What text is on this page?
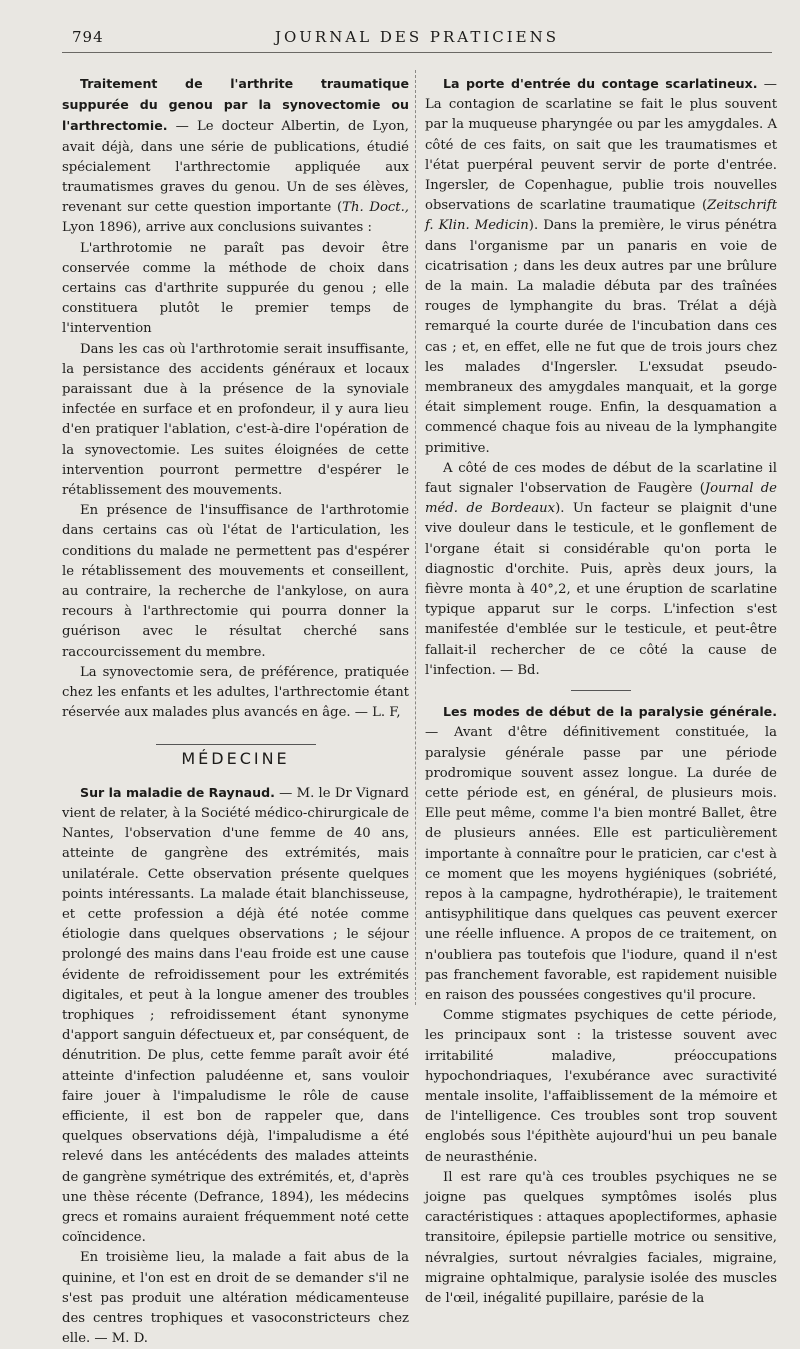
794	JOURNAL DES PRATICIENS

Traitement de l'arthrite traumatique suppurée du genou par la synovectomie ou l'arthrectomie. — Le docteur Albertin, de Lyon, avait déjà, dans une série de publications, étudié spécialement l'arthrectomie appliquée aux traumatismes graves du genou. Un de ses élèves, revenant sur cette question importante (Th. Doct., Lyon 1896), arrive aux conclusions suivantes :

L'arthrotomie ne paraît pas devoir être conservée comme la méthode de choix dans certains cas d'arthrite suppurée du genou ; elle constituera plutôt le premier temps de l'intervention

Dans les cas où l'arthrotomie serait insuffisante, la persistance des accidents généraux et locaux paraissant due à la présence de la synoviale infectée en surface et en profondeur, il y aura lieu d'en pratiquer l'ablation, c'est-à-dire l'opération de la synovectomie. Les suites éloignées de cette intervention pourront permettre d'espérer le rétablissement des mouvements.

En présence de l'insuffisance de l'arthrotomie dans certains cas où l'état de l'articulation, les conditions du malade ne permettent pas d'espérer le rétablissement des mouvements et conseillent, au contraire, la recherche de l'ankylose, on aura recours à l'arthrectomie qui pourra donner la guérison avec le résultat cherché sans raccourcissement du membre.

La synovectomie sera, de préférence, pratiquée chez les enfants et les adultes, l'arthrectomie étant réservée aux malades plus avancés en âge. — L. F,

MÉDECINE

Sur la maladie de Raynaud. — M. le Dr Vignard vient de relater, à la Société médico-chirurgicale de Nantes, l'observation d'une femme de 40 ans, atteinte de gangrène des extrémités, mais unilatérale. Cette observation présente quelques points intéressants. La malade était blanchisseuse, et cette profession a déjà été notée comme étiologie dans quelques observations ; le séjour prolongé des mains dans l'eau froide est une cause évidente de refroidissement pour les extrémités digitales, et peut à la longue amener des troubles trophiques ; refroidissement étant synonyme d'apport sanguin défectueux et, par conséquent, de dénutrition. De plus, cette femme paraît avoir été atteinte d'infection paludéenne et, sans vouloir faire jouer à l'impaludisme le rôle de cause efficiente, il est bon de rappeler que, dans quelques observations déjà, l'impaludisme a été relevé dans les antécédents des malades atteints de gangrène symétrique des extrémités, et, d'après une thèse récente (Defrance, 1894), les médecins grecs et romains auraient fréquemment noté cette coïncidence.

En troisième lieu, la malade a fait abus de la quinine, et l'on est en droit de se demander s'il ne s'est pas produit une altération médicamenteuse des centres trophiques et vasoconstricteurs chez elle. — M. D.

La porte d'entrée du contage scarlatineux. — La contagion de scarlatine se fait le plus souvent par la muqueuse pharyngée ou par les amygdales. A côté de ces faits, on sait que les traumatismes et l'état puerpéral peuvent servir de porte d'entrée. Ingersler, de Copenhague, publie trois nouvelles observations de scarlatine traumatique (Zeitschrift f. Klin. Medicin). Dans la première, le virus pénétra dans l'organisme par un panaris en voie de cicatrisation ; dans les deux autres par une brûlure de la main. La maladie débuta par des traînées rouges de lymphangite du bras. Trélat a déjà remarqué la courte durée de l'incubation dans ces cas ; et, en effet, elle ne fut que de trois jours chez les malades d'Ingersler. L'exsudat pseudo-membraneux des amygdales manquait, et la gorge était simplement rouge. Enfin, la desquamation a commencé chaque fois au niveau de la lymphangite primitive.

A côté de ces modes de début de la scarlatine il faut signaler l'observation de Faugère (Journal de méd. de Bordeaux). Un facteur se plaignit d'une vive douleur dans le testicule, et le gonflement de l'organe était si considérable qu'on porta le diagnostic d'orchite. Puis, après deux jours, la fièvre monta à 40°,2, et une éruption de scarlatine typique apparut sur le corps. L'infection s'est manifestée d'emblée sur le testicule, et peut-être fallait-il rechercher de ce côté la cause de l'infection. — Bd.

Les modes de début de la paralysie générale. — Avant d'être définitivement constituée, la paralysie générale passe par une période prodromique souvent assez longue. La durée de cette période est, en général, de plusieurs mois. Elle peut même, comme l'a bien montré Ballet, être de plusieurs années. Elle est particulièrement importante à connaître pour le praticien, car c'est à ce moment que les moyens hygiéniques (sobriété, repos à la campagne, hydrothérapie), le traitement antisyphilitique dans quelques cas peuvent exercer une réelle influence. A propos de ce traitement, on n'oubliera pas toutefois que l'iodure, quand il n'est pas franchement favorable, est rapidement nuisible en raison des poussées congestives qu'il procure.

Comme stigmates psychiques de cette période, les principaux sont : la tristesse souvent avec irritabilité maladive, préoccupations hypochondriaques, l'exubérance avec suractivité mentale insolite, l'affaiblissement de la mémoire et de l'intelligence. Ces troubles sont trop souvent englobés sous l'épithète aujourd'hui un peu banale de neurasthénie.

Il est rare qu'à ces troubles psychiques ne se joigne pas quelques symptômes isolés plus caractéristiques : attaques apoplectiformes, aphasie transitoire, épilepsie partielle motrice ou sensitive, névralgies, surtout névralgies faciales, migraine, migraine ophtalmique, paralysie isolée des muscles de l'œil, inégalité pupillaire, parésie de la
